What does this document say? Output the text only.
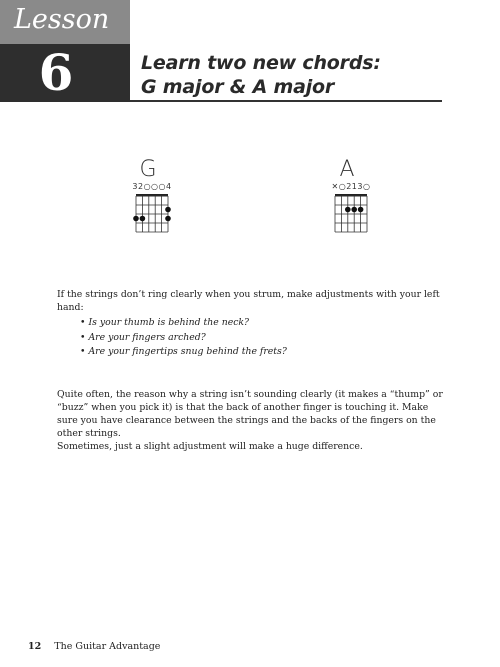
Lesson
6	Learn two new chords:
G major & A major
G
32○○○4
A
✕○213○
If the strings don’t ring clearly when you strum, make adjustments with your left hand:
• Is your thumb is behind the neck?
• Are your fingers arched?
• Are your fingertips snug behind the frets?
Quite often, the reason why a string isn’t sounding clearly (it makes a “thump” or “buzz” when you pick it) is that the back of another finger is touching it. Make sure you have clearance between the strings and the backs of the fingers on the other strings.
Sometimes, just a slight adjustment will make a huge difference.
12 The Guitar Advantage
